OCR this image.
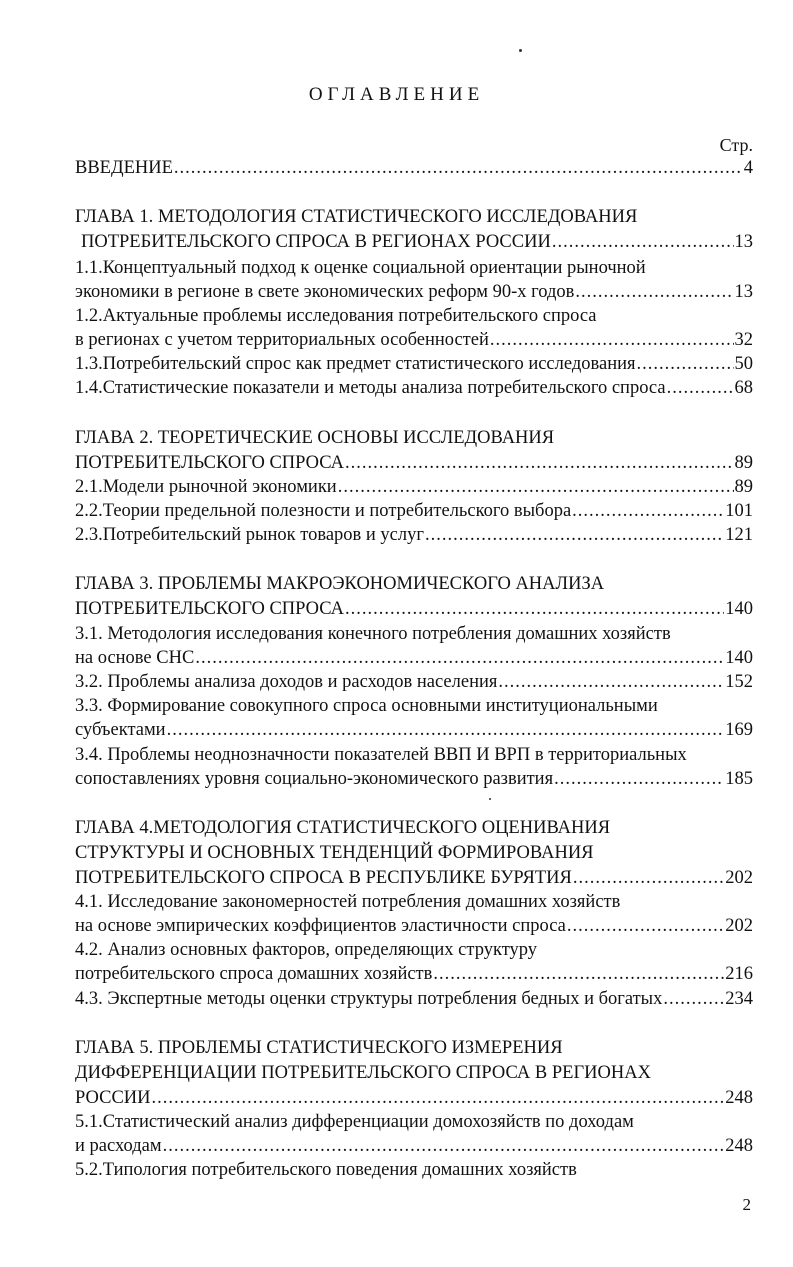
ОГЛАВЛЕНИЕ
Стр.
ВВЕДЕНИЕ .....	4
ГЛАВА 1. МЕТОДОЛОГИЯ СТАТИСТИЧЕСКОГО ИССЛЕДОВАНИЯ
ПОТРЕБИТЕЛЬСКОГО СПРОСА В РЕГИОНАХ РОССИИ .....	13
1.1.Концептуальный подход к оценке социальной ориентации рыночной
экономики в регионе в свете экономических реформ 90-х годов .....	13
1.2.Актуальные проблемы исследования потребительского спроса
в регионах с учетом территориальных особенностей .....	32
1.3.Потребительский спрос как предмет статистического исследования .....	50
1.4.Статистические показатели и методы анализа потребительского спроса .....	68
ГЛАВА 2. ТЕОРЕТИЧЕСКИЕ ОСНОВЫ ИССЛЕДОВАНИЯ
ПОТРЕБИТЕЛЬСКОГО СПРОСА .....	89
2.1.Модели рыночной экономики .....	89
2.2.Теории предельной полезности и потребительского выбора .....	101
2.3.Потребительский рынок товаров и услуг .....	121
ГЛАВА 3. ПРОБЛЕМЫ МАКРОЭКОНОМИЧЕСКОГО АНАЛИЗА
ПОТРЕБИТЕЛЬСКОГО СПРОСА .....	140
3.1. Методология исследования конечного потребления домашних хозяйств
на основе СНС .....	140
3.2. Проблемы анализа доходов и расходов населения .....	152
3.3. Формирование совокупного спроса основными институциональными
субъектами .....	169
3.4. Проблемы неоднозначности показателей ВВП И ВРП в территориальных
сопоставлениях уровня социально-экономического развития .....	185
ГЛАВА 4.МЕТОДОЛОГИЯ СТАТИСТИЧЕСКОГО ОЦЕНИВАНИЯ
СТРУКТУРЫ И ОСНОВНЫХ ТЕНДЕНЦИЙ ФОРМИРОВАНИЯ
ПОТРЕБИТЕЛЬСКОГО СПРОСА В РЕСПУБЛИКЕ БУРЯТИЯ .....	202
4.1. Исследование закономерностей потребления домашних хозяйств
на основе эмпирических коэффициентов эластичности спроса .....	202
4.2. Анализ основных факторов, определяющих структуру
потребительского спроса домашних хозяйств .....	216
4.3. Экспертные методы оценки структуры потребления бедных и богатых .....	234
ГЛАВА 5. ПРОБЛЕМЫ СТАТИСТИЧЕСКОГО ИЗМЕРЕНИЯ
ДИФФЕРЕНЦИАЦИИ ПОТРЕБИТЕЛЬСКОГО СПРОСА В РЕГИОНАХ
РОССИИ .....	248
5.1.Статистический анализ дифференциации домохозяйств по доходам
и расходам .....	248
5.2.Типология потребительского поведения домашних хозяйств
2
